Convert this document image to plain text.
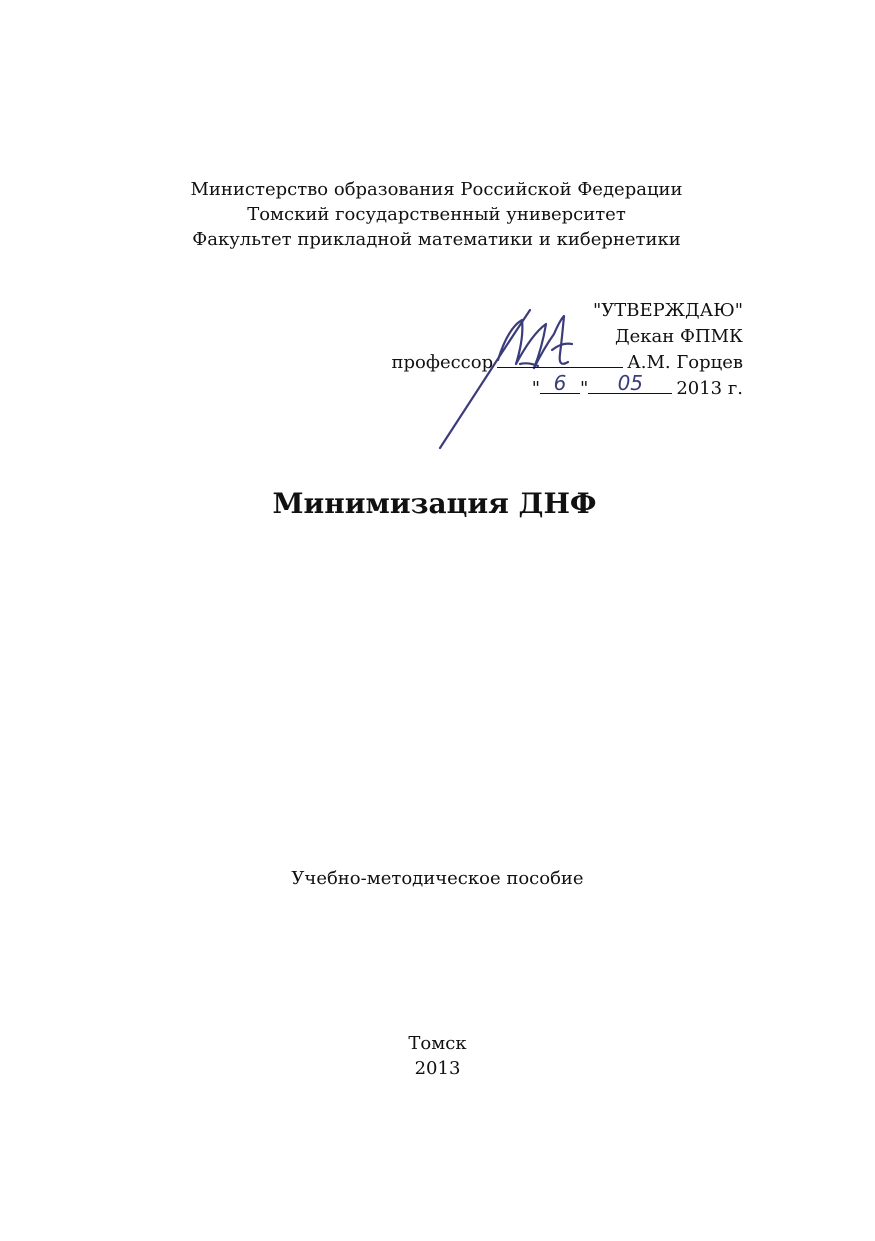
Министерство образования Российской Федерации
Томский государственный университет
Факультет прикладной математики и кибернетики
"УТВЕРЖДАЮ"
Декан ФПМК
профессор	А.М. Горцев
" 6 "	05	2013 г.
Минимизация ДНФ
Учебно-методическое пособие
Томск
2013
